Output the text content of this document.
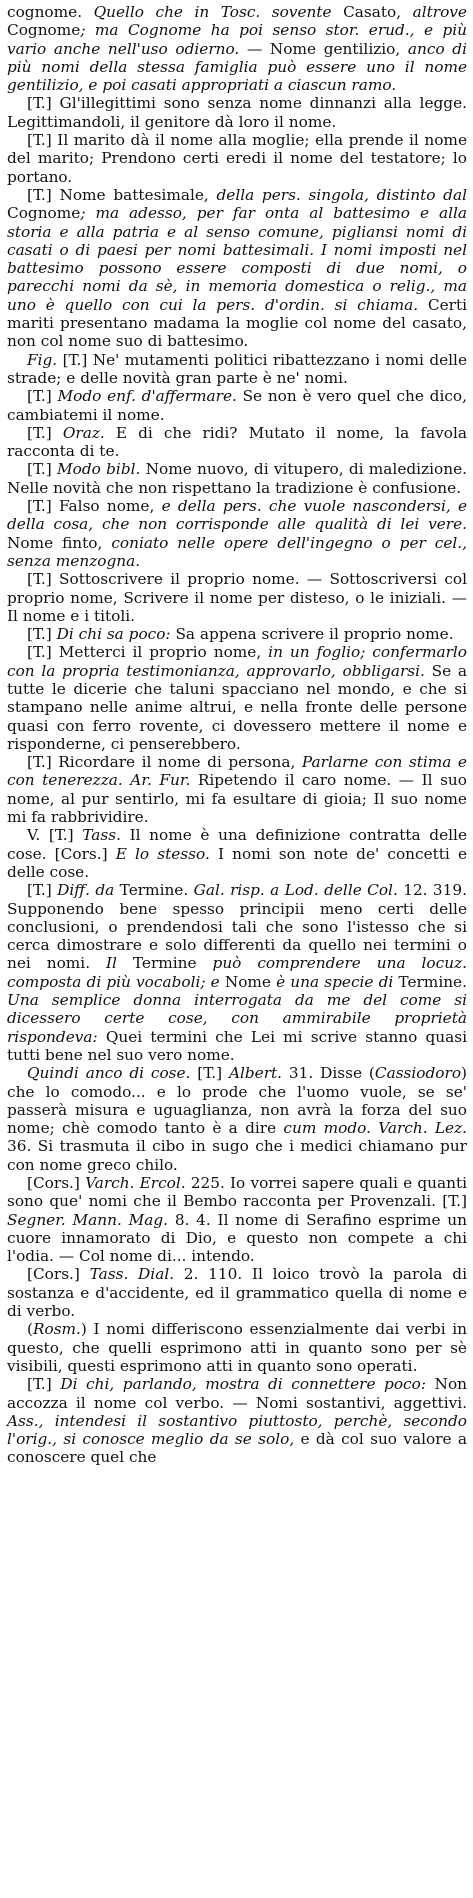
cognome. Quello che in Tosc. sovente Casato, altrove Cognome; ma Cognome ha poi senso stor. erud., e più vario anche nell'uso odierno. — Nome gentilizio, anco di più nomi della stessa famiglia può essere uno il nome gentilizio, e poi casati appropriati a ciascun ramo.

[T.] Gl'illegittimi sono senza nome dinnanzi alla legge. Legittimandoli, il genitore dà loro il nome.

[T.] Il marito dà il nome alla moglie; ella prende il nome del marito; Prendono certi eredi il nome del testatore; lo portano.

[T.] Nome battesimale, della pers. singola, distinto dal Cognome; ma adesso, per far onta al battesimo e alla storia e alla patria e al senso comune, pigliansi nomi di casati o di paesi per nomi battesimali. I nomi imposti nel battesimo possono essere composti di due nomi, o parecchi nomi da sè, in memoria domestica o relig., ma uno è quello con cui la pers. d'ordin. si chiama. Certi mariti presentano madama la moglie col nome del casato, non col nome suo di battesimo.

Fig. [T.] Ne' mutamenti politici ribattezzano i nomi delle strade; e delle novità gran parte è ne' nomi.

[T.] Modo enf. d'affermare. Se non è vero quel che dico, cambiatemi il nome.

[T.] Oraz. E di che ridi? Mutato il nome, la favola racconta di te.

[T.] Modo bibl. Nome nuovo, di vitupero, di maledizione. Nelle novità che non rispettano la tradizione è confusione.

[T.] Falso nome, e della pers. che vuole nascondersi, e della cosa, che non corrisponde alle qualità di lei vere. Nome finto, coniato nelle opere dell'ingegno o per cel., senza menzogna.

[T.] Sottoscrivere il proprio nome. — Sottoscriversi col proprio nome, Scrivere il nome per disteso, o le iniziali. — Il nome e i titoli.

[T.] Di chi sa poco: Sa appena scrivere il proprio nome.

[T.] Metterci il proprio nome, in un foglio; confermarlo con la propria testimonianza, approvarlo, obbligarsi. Se a tutte le dicerie che taluni spacciano nel mondo, e che si stampano nelle anime altrui, e nella fronte delle persone quasi con ferro rovente, ci dovessero mettere il nome e risponderne, ci penserebbero.

[T.] Ricordare il nome di persona, Parlarne con stima e con tenerezza. Ar. Fur. Ripetendo il caro nome. — Il suo nome, al pur sentirlo, mi fa esultare di gioia; Il suo nome mi fa rabbrividire.

V. [T.] Tass. Il nome è una definizione contratta delle cose. [Cors.] E lo stesso. I nomi son note de' concetti e delle cose.

[T.] Diff. da Termine. Gal. risp. a Lod. delle Col. 12. 319. Supponendo bene spesso principii meno certi delle conclusioni, o prendendosi tali che sono l'istesso che si cerca dimostrare e solo differenti da quello nei termini o nei nomi. Il Termine può comprendere una locuz. composta di più vocaboli; e Nome è una specie di Termine. Una semplice donna interrogata da me del come si dicessero certe cose, con ammirabile proprietà rispondeva: Quei termini che Lei mi scrive stanno quasi tutti bene nel suo vero nome.

Quindi anco di cose. [T.] Albert. 31. Disse (Cassiodoro) che lo comodo... e lo prode che l'uomo vuole, se se' passerà misura e uguaglianza, non avrà la forza del suo nome; chè comodo tanto è a dire cum modo. Varch. Lez. 36. Si trasmuta il cibo in sugo che i medici chiamano pur con nome greco chilo.

[Cors.] Varch. Ercol. 225. Io vorrei sapere quali e quanti sono que' nomi che il Bembo racconta per Provenzali. [T.] Segner. Mann. Mag. 8. 4. Il nome di Serafino esprime un cuore innamorato di Dio, e questo non compete a chi l'odia. — Col nome di... intendo.

[Cors.] Tass. Dial. 2. 110. Il loico trovò la parola di sostanza e d'accidente, ed il grammatico quella di nome e di verbo.

(Rosm.) I nomi differiscono essenzialmente dai verbi in questo, che quelli esprimono atti in quanto sono per sè visibili, questi esprimono atti in quanto sono operati.

[T.] Di chi, parlando, mostra di connettere poco: Non accozza il nome col verbo. — Nomi sostantivi, aggettivi. Ass., intendesi il sostantivo piuttosto, perchè, secondo l'orig., si conosce meglio da se solo, e dà col suo valore a conoscere quel che
